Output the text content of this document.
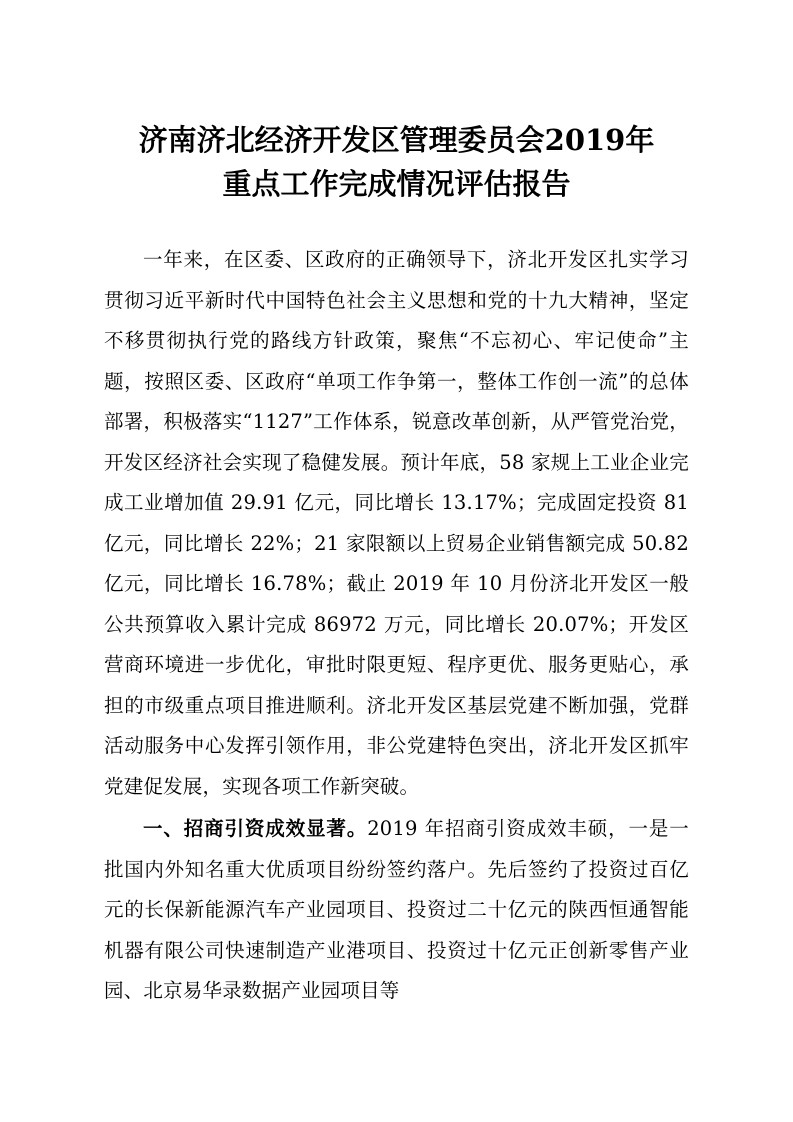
济南济北经济开发区管理委员会2019年
重点工作完成情况评估报告

一年来，在区委、区政府的正确领导下，济北开发区扎实学习贯彻习近平新时代中国特色社会主义思想和党的十九大精神，坚定不移贯彻执行党的路线方针政策，聚焦“不忘初心、牢记使命”主题，按照区委、区政府“单项工作争第一，整体工作创一流”的总体部署，积极落实“1127”工作体系，锐意改革创新，从严管党治党，开发区经济社会实现了稳健发展。预计年底，58 家规上工业企业完成工业增加值 29.91 亿元，同比增长 13.17%；完成固定投资 81 亿元，同比增长 22%；21 家限额以上贸易企业销售额完成 50.82 亿元，同比增长 16.78%；截止 2019 年 10 月份济北开发区一般公共预算收入累计完成 86972 万元，同比增长 20.07%；开发区营商环境进一步优化，审批时限更短、程序更优、服务更贴心，承担的市级重点项目推进顺利。济北开发区基层党建不断加强，党群活动服务中心发挥引领作用，非公党建特色突出，济北开发区抓牢党建促发展，实现各项工作新突破。

一、招商引资成效显著。2019 年招商引资成效丰硕，一是一批国内外知名重大优质项目纷纷签约落户。先后签约了投资过百亿元的长保新能源汽车产业园项目、投资过二十亿元的陕西恒通智能机器有限公司快速制造产业港项目、投资过十亿元正创新零售产业园、北京易华录数据产业园项目等
